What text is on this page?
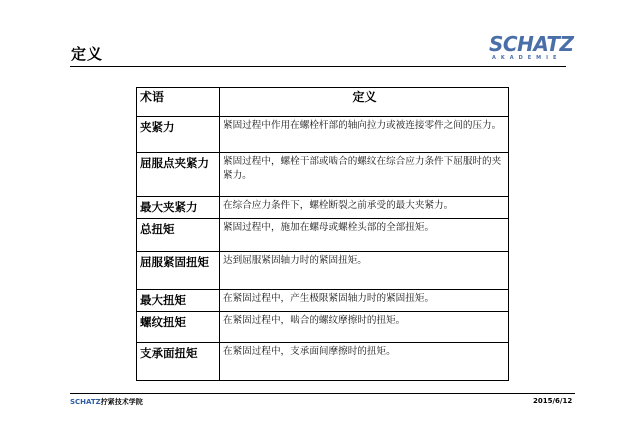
定义	SCHATZ
AKADEMIE
术语	定义
夹紧力	紧固过程中作用在螺栓杆部的轴向拉力或被连接零件之间的压力。
屈服点夹紧力	紧固过程中，螺栓干部或啮合的螺纹在综合应力条件下屈服时的夹紧力。
最大夹紧力	在综合应力条件下，螺栓断裂之前承受的最大夹紧力。
总扭矩	紧固过程中，施加在螺母或螺栓头部的全部扭矩。
屈服紧固扭矩	达到屈服紧固轴力时的紧固扭矩。
最大扭矩	在紧固过程中，产生极限紧固轴力时的紧固扭矩。
螺纹扭矩	在紧固过程中，啮合的螺纹摩擦时的扭矩。
支承面扭矩	在紧固过程中，支承面间摩擦时的扭矩。
SCHATZ拧紧技术学院	2015/6/12
